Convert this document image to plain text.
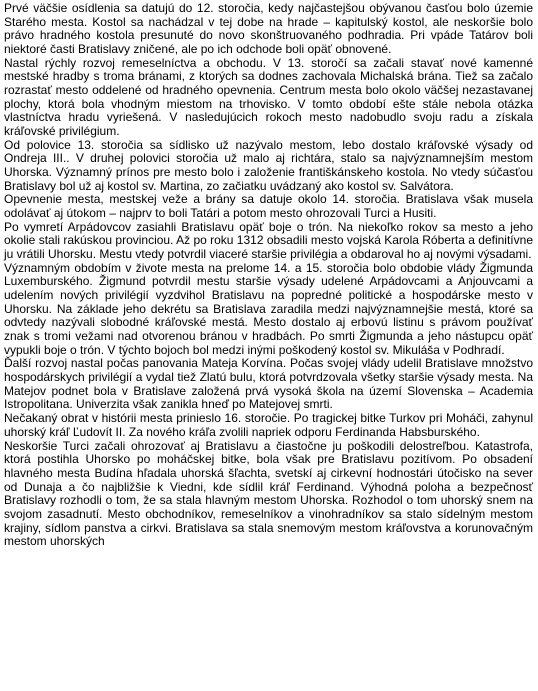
Prvé väčšie osídlenia sa datujú do 12. storočia, kedy najčastejšou obývanou časťou bolo územie Starého mesta. Kostol sa nachádzal v tej dobe na hrade – kapitulský kostol, ale neskoršie bolo právo hradného kostola presunuté do novo skonštruovaného podhradia. Pri vpáde Tatárov boli niektoré časti Bratislavy zničené, ale po ich odchode boli opäť obnovené.

Nastal rýchly rozvoj remeselníctva a obchodu. V 13. storočí sa začali stavať nové kamenné mestské hradby s troma bránami, z ktorých sa dodnes zachovala Michalská brána. Tiež sa začalo rozrastať mesto oddelené od hradného opevnenia. Centrum mesta bolo okolo väčšej nezastavanej plochy, ktorá bola vhodným miestom na trhovisko. V tomto období ešte stále nebola otázka vlastníctva hradu vyriešená. V nasledujúcich rokoch mesto nadobudlo svoju radu a získala kráľovské privilégium.

Od polovice 13. storočia sa sídlisko už nazývalo mestom, lebo dostalo kráľovské výsady od Ondreja III.. V druhej polovici storočia už malo aj richtára, stalo sa najvýznamnejším mestom Uhorska. Významný prínos pre mesto bolo i založenie františkánskeho kostola. No vtedy súčasťou Bratislavy bol už aj kostol sv. Martina, zo začiatku uvádzaný ako kostol sv. Salvátora.

Opevnenie mesta, mestskej veže a brány sa datuje okolo 14. storočia. Bratislava však musela odolávať aj útokom – najprv to boli Tatári a potom mesto ohrozovali Turci a Husiti.

Po vymretí Arpádovcov zasiahli Bratislavu opäť boje o trón. Na niekoľko rokov sa mesto a jeho okolie stali rakúskou provinciou. Až po roku 1312 obsadili mesto vojská Karola Róberta a definitívne ju vrátili Uhorsku. Mestu vtedy potvrdil viaceré staršie privilégia a obdaroval ho aj novými výsadami.

Významným obdobím v živote mesta na prelome 14. a 15. storočia bolo obdobie vlády Žigmunda Luxemburského. Žigmund potvrdil mestu staršie výsady udelené Arpádovcami a Anjouvcami a udelením nových privilégií vyzdvihol Bratislavu na popredné politické a hospodárske mesto v Uhorsku. Na základe jeho dekrétu sa Bratislava zaradila medzi najvýznamnejšie mestá, ktoré sa odvtedy nazývali slobodné kráľovské mestá. Mesto dostalo aj erbovú listinu s právom používať znak s tromi vežami nad otvorenou bránou v hradbách. Po smrti Žigmunda a jeho nástupcu opäť vypukli boje o trón. V týchto bojoch bol medzi inými poškodený kostol sv. Mikuláša v Podhradí.

Ďalší rozvoj nastal počas panovania Mateja Korvína. Počas svojej vlády udelil Bratislave množstvo hospodárskych privilégií a vydal tiež Zlatú bulu, ktorá potvrdzovala všetky staršie výsady mesta. Na Matejov podnet bola v Bratislave založená prvá vysoká škola na území Slovenska – Academia Istropolitana. Univerzita však zanikla hneď po Matejovej smrti.

Nečakaný obrat v histórii mesta prinieslo 16. storočie. Po tragickej bitke Turkov pri Moháči, zahynul uhorský kráľ Ľudovít II. Za nového kráľa zvolili napriek odporu Ferdinanda Habsburského.

Neskoršie Turci začali ohrozovať aj Bratislavu a čiastočne ju poškodili delostreľbou. Katastrofa, ktorá postihla Uhorsko po moháčskej bitke, bola však pre Bratislavu pozitívom. Po obsadení hlavného mesta Budína hľadala uhorská šľachta, svetskí aj cirkevní hodnostári útočisko na sever od Dunaja a čo najbližšie k Viedni, kde sídlil kráľ Ferdinand. Výhodná poloha a bezpečnosť Bratislavy rozhodli o tom, že sa stala hlavným mestom Uhorska. Rozhodol o tom uhorský snem na svojom zasadnutí. Mesto obchodníkov, remeselníkov a vinohradníkov sa stalo sídelným mestom krajiny, sídlom panstva a cirkvi. Bratislava sa stala snemovým mestom kráľovstva a korunovačným mestom uhorských
